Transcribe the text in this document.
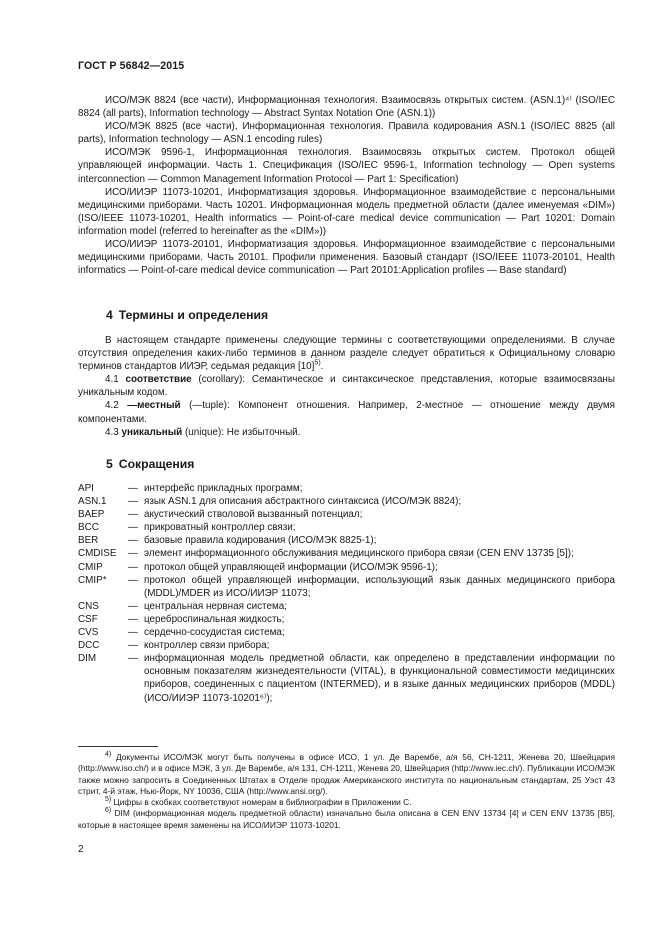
ГОСТ Р 56842—2015

ИСО/МЭК 8824 (все части), Информационная технология. Взаимосвязь открытых систем. (ASN.1)⁴⁾ (ISO/IEC 8824 (all parts), Information technology — Abstract Syntax Notation One (ASN.1))

ИСО/МЭК 8825 (все части), Информационная технология. Правила кодирования ASN.1 (ISO/IEC 8825 (all parts), Information technology — ASN.1 encoding rules)

ИСО/МЭК 9596-1, Информационная технология. Взаимосвязь открытых систем. Протокол общей управляющей информации. Часть 1. Спецификация (ISO/IEC 9596-1, Information technology — Open systems interconnection — Common Management Information Protocol — Part 1: Specification)

ИСО/ИИЭР 11073-10201, Информатизация здоровья. Информационное взаимодействие с персональными медицинскими приборами. Часть 10201. Информационная модель предметной области (далее именуемая «DIM») (ISO/IEEE 11073-10201, Health informatics — Point-of-care medical device communication — Part 10201: Domain information model (referred to hereinafter as the «DIM»))

ИСО/ИИЭР 11073-20101, Информатизация здоровья. Информационное взаимодействие с персональными медицинскими приборами. Часть 20101. Профили применения. Базовый стандарт (ISO/IEEE 11073-20101, Health informatics — Point-of-care medical device communication — Part 20101:Application profiles — Base standard)

4 Термины и определения

В настоящем стандарте применены следующие термины с соответствующими определениями. В случае отсутствия определения каких-либо терминов в данном разделе следует обратиться к Официальному словарю терминов стандартов ИИЭР, седьмая редакция $[10]^{5)}$.

4.1 соответствие (corollary): Семантическое и синтаксическое представления, которые взаимосвязаны уникальным кодом.

4.2 —местный (—tuple): Компонент отношения. Например, 2-местное — отношение между двумя компонентами.

4.3 уникальный (unique): Не избыточный.

5 Сокращения
API	— интерфейс прикладных программ;
ASN.1	— язык ASN.1 для описания абстрактного синтаксиса (ИСО/МЭК 8824);
BAEP	— акустический стволовой вызванный потенциал;
BCC	— прикроватный контроллер связи;
BER	— базовые правила кодирования (ИСО/МЭК 8825-1);
CMDISE	— элемент информационного обслуживания медицинского прибора связи (CEN ENV 13735 [5]);
CMIP	— протокол общей управляющей информации (ИСО/МЭК 9596-1);
CMIP*	— протокол общей управляющей информации, использующий язык данных медицинского прибора (MDDL)/MDER из ИСО/ИИЭР 11073;
CNS	— центральная нервная система;
CSF	— цереброспинальная жидкость;
CVS	— сердечно-сосудистая система;
DCC	— контроллер связи прибора;
DIM	— информационная модель предметной области, как определено в представлении информации по основным показателям жизнедеятельности (VITAL), в функциональной совместимости медицинских приборов, соединенных с пациентом (INTERMED), и в языке данных медицинских приборов (MDDL) (ИСО/ИИЭР 11073-10201⁶⁾);

$^{4)}$ Документы ИСО/МЭК могут быть получены в офисе ИСО, 1 ул. Де Варембе, а/я 56, CH-1211, Женева 20, Швейцария (http://www.iso.ch/) и в офисе МЭК, 3 ул. Де Варембе, а/я 131, CH-1211, Женева 20, Швейцария (http://www.iec.ch/). Публикации ИСО/МЭК также можно запросить в Соединенных Штатах в Отделе продаж Американского института по национальным стандартам, 25 Уэст 43 стрит, 4-й этаж, Нью-Йорк, NY 10036, США (http://www.ansi.org/).

$^{5)}$ Цифры в скобках соответствуют номерам в библиографии в Приложении С.

$^{6)}$ DIM (информационная модель предметной области) изначально была описана в CEN ENV 13734 [4] и CEN ENV 13735 [B5], которые в настоящее время заменены на ИСО/ИИЭР 11073-10201.

2
